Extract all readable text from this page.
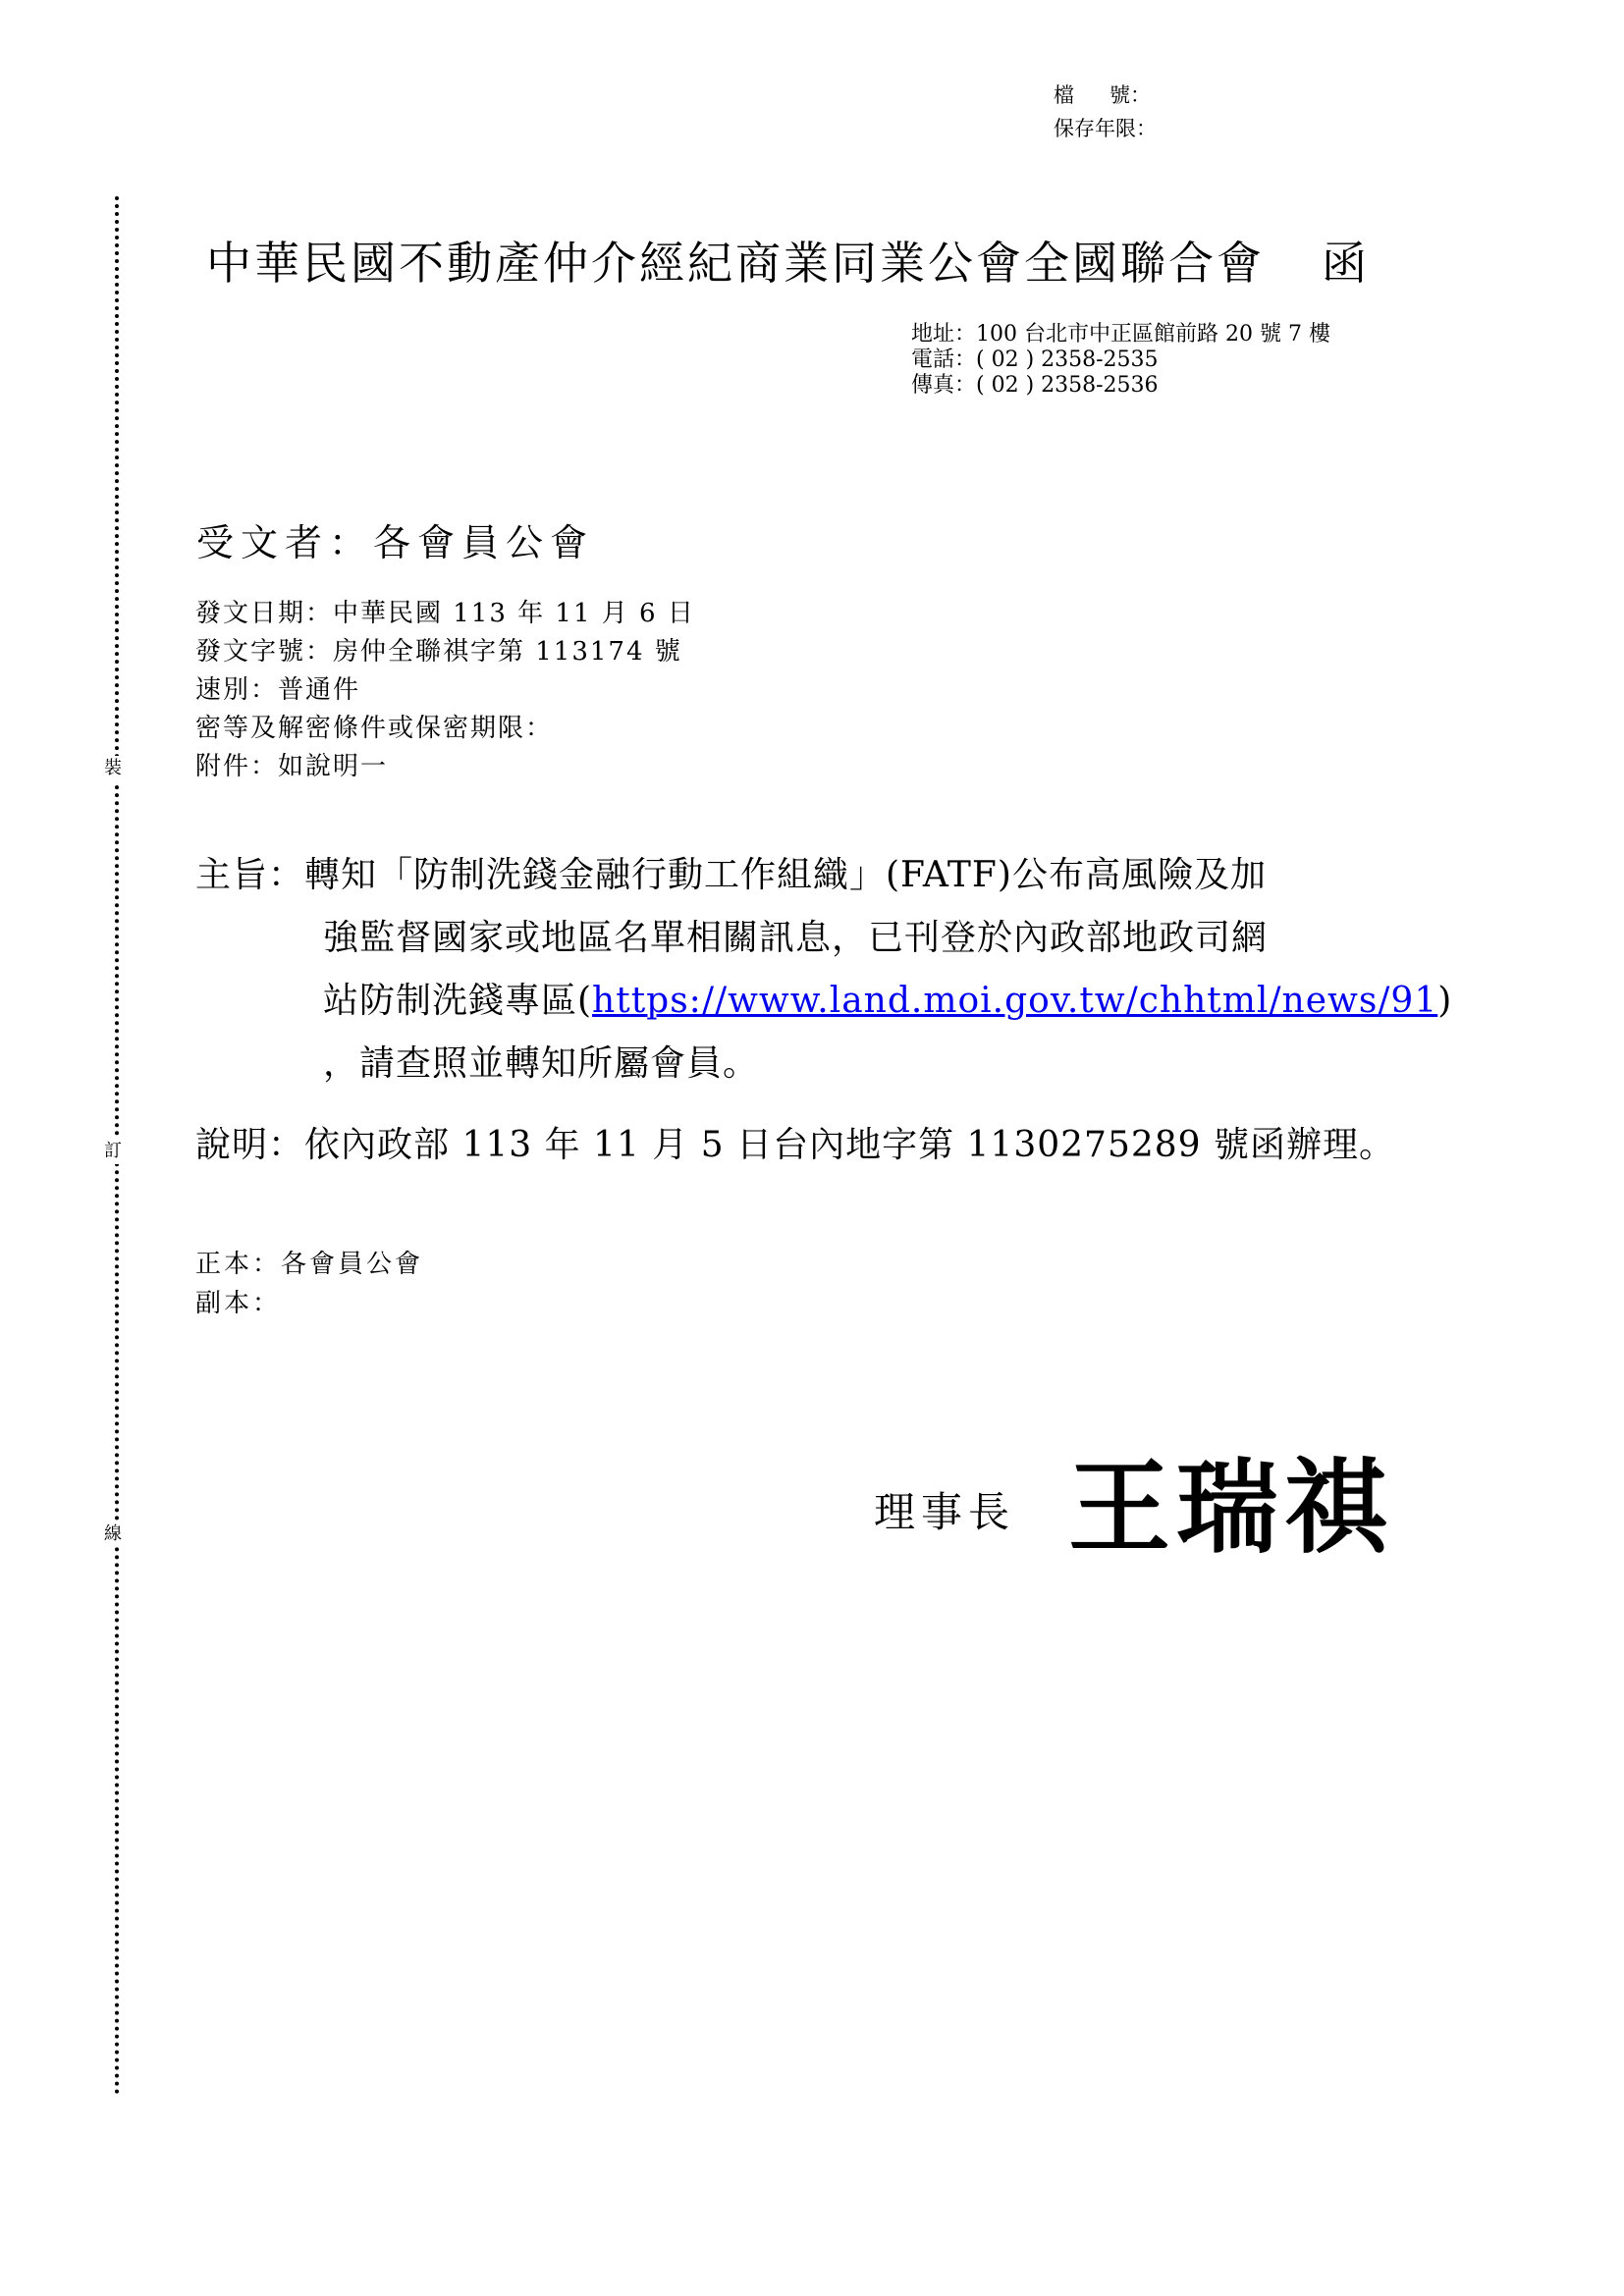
裝
訂
線
檔號：
保存年限：
中華民國不動產仲介經紀商業同業公會全國聯合會 函
地址：100 台北市中正區館前路 20 號 7 樓
電話：( 02 ) 2358-2535
傳真：( 02 ) 2358-2536
受文者：各會員公會
發文日期：中華民國 113 年 11 月 6 日
發文字號：房仲全聯祺字第 113174 號
速別：普通件
密等及解密條件或保密期限：
附件：如說明一
主旨：轉知「防制洗錢金融行動工作組織」(FATF)公布高風險及加
強監督國家或地區名單相關訊息，已刊登於內政部地政司網
站防制洗錢專區(https://www.land.moi.gov.tw/chhtml/news/91)
，請查照並轉知所屬會員。
說明：依內政部 113 年 11 月 5 日台內地字第 1130275289 號函辦理。
正本：各會員公會
副本：
理事長 王瑞祺
